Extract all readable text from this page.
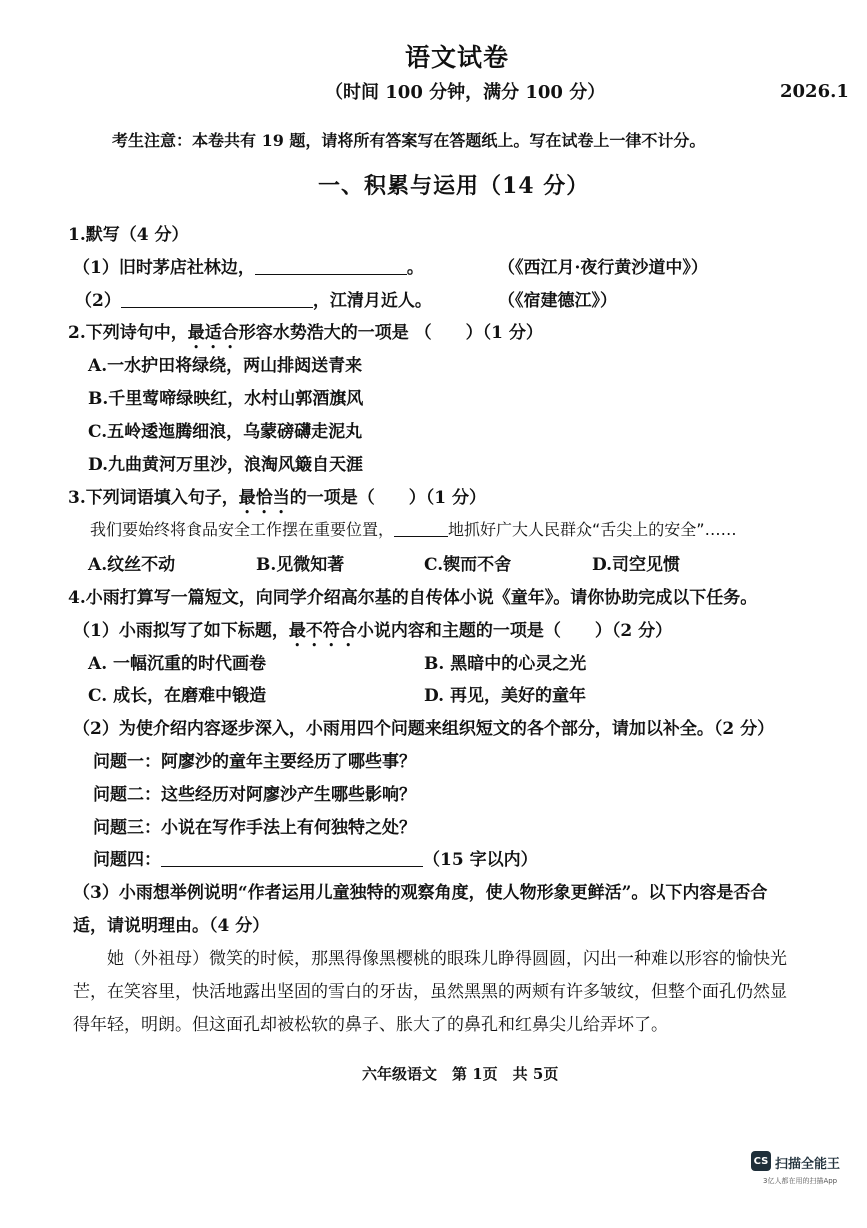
语文试卷
（时间 100 分钟，满分 100 分）	2026.1
考生注意：本卷共有 19 题，请将所有答案写在答题纸上。写在试卷上一律不计分。
一、积累与运用（14 分）
1.默写（4 分）
（1）旧时茅店社林边，	。	（《西江月·夜行黄沙道中》）
（2）	，江清月近人。	（《宿建德江》）
2.下列诗句中，最适合形容水势浩大的一项是 （　　）（1 分）
A.一水护田将绿绕，两山排闼送青来
B.千里莺啼绿映红，水村山郭酒旗风
C.五岭逶迤腾细浪，乌蒙磅礴走泥丸
D.九曲黄河万里沙，浪淘风簸自天涯
3.下列词语填入句子，最恰当的一项是（　　）（1 分）
我们要始终将食品安全工作摆在重要位置，	地抓好广大人民群众“舌尖上的安全”……
A.纹丝不动	B.见微知著	C.锲而不舍	D.司空见惯
4.小雨打算写一篇短文，向同学介绍高尔基的自传体小说《童年》。请你协助完成以下任务。
（1）小雨拟写了如下标题，最不符合小说内容和主题的一项是（　　）（2 分）
A. 一幅沉重的时代画卷	B. 黑暗中的心灵之光
C. 成长，在磨难中锻造	D. 再见，美好的童年
（2）为使介绍内容逐步深入，小雨用四个问题来组织短文的各个部分，请加以补全。（2 分）
问题一：阿廖沙的童年主要经历了哪些事？
问题二：这些经历对阿廖沙产生哪些影响？
问题三：小说在写作手法上有何独特之处？
问题四：	（15 字以内）
（3）小雨想举例说明“作者运用儿童独特的观察角度，使人物形象更鲜活”。以下内容是否合
适，请说明理由。（4 分）
　　她（外祖母）微笑的时候，那黑得像黑樱桃的眼珠儿睁得圆圆，闪出一种难以形容的愉快光
芒，在笑容里，快活地露出坚固的雪白的牙齿，虽然黑黑的两颊有许多皱纹，但整个面孔仍然显
得年轻，明朗。但这面孔却被松软的鼻子、胀大了的鼻孔和红鼻尖儿给弄坏了。
六年级语文　第 1页　共 5页
CS 扫描全能王
3亿人都在用的扫描App
